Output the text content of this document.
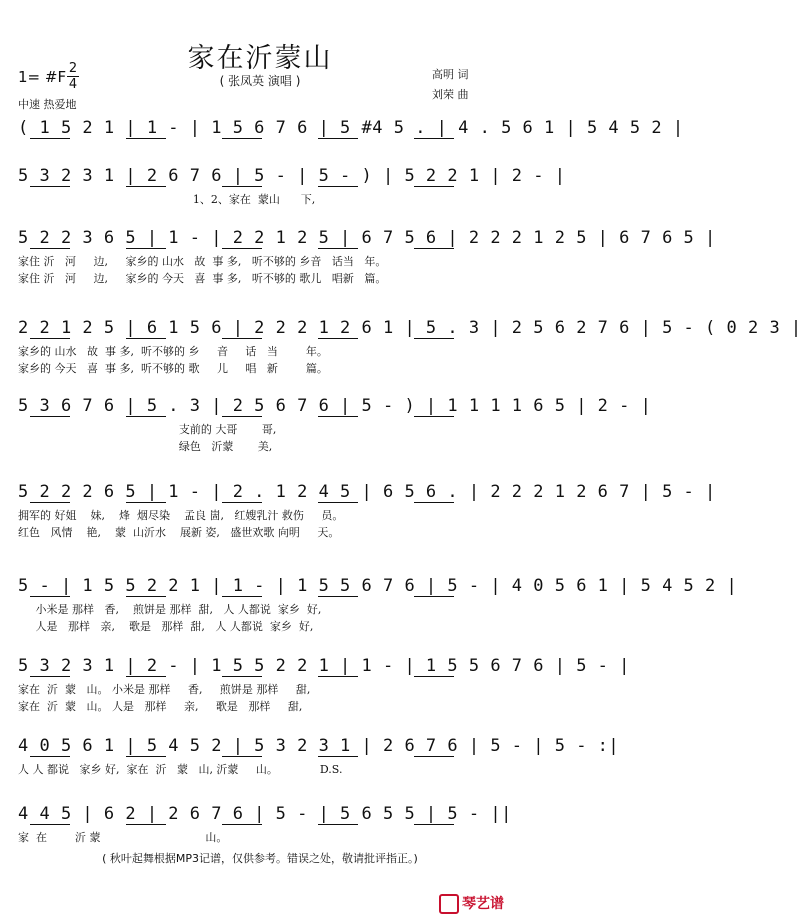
家在沂蒙山
( 张凤英 演唱 )
1= #F 2
4
中速 热爱地
高明 词
刘荣 曲
( 1 5 2 1 | 1 - | 1 5 6 7 6 | 5 #4 5 . | 4 . 5 6 1 | 5 4 5 2 |
5 3 2 3 1 | 2 6 7 6 | 5 - | 5 - ) | 5 2 2 1 | 2 - |
1、2、家在  蒙山      下,
5 2 2 3 6 5 | 1 - | 2 2 1 2 5 | 6 7 5 6 | 2 2 2 1 2 5 | 6 7 6 5 |
家住 沂   河     边,     家乡的 山水   故  事 多,   听不够的 乡音   话当   年。
家住 沂   河     边,     家乡的 今天   喜  事 多,   听不够的 歌儿   唱新   篇。
2 2 1 2 5 | 6 1 5 6 | 2 2 2 1 2 6 1 | 5 . 3 | 2 5 6 2 7 6 | 5 - ( 0 2 3 |
家乡的 山水   故  事 多,  听不够的 乡     音     话   当        年。
家乡的 今天   喜  事 多,  听不够的 歌     儿     唱   新        篇。
5 3 6 7 6 | 5 . 3 | 2 5 6 7 6 | 5 - ) | 1 1 1 1 6 5 | 2 - |
支前的 大哥       哥,
绿色   沂蒙       美,
5 2 2 2 6 5 | 1 - | 2 . 1 2 4 5 | 6 5 6 . | 2 2 2 1 2 6 7 | 5 - |
拥军的 好姐    妹,    烽  烟尽染    孟良 崮,   红嫂乳汁 救伤     员。
红色   风情    艳,    蒙  山沂水    展新 姿,   盛世欢歌 向明     天。
5 - | 1 5 5 2 2 1 | 1 - | 1 5 5 6 7 6 | 5 - | 4 0 5 6 1 | 5 4 5 2 |
小米是 那样   香,    煎饼是 那样  甜,   人 人都说  家乡  好,
人是   那样   亲,    歌是   那样  甜,   人 人都说  家乡  好,
5 3 2 3 1 | 2 - | 1 5 5 2 2 1 | 1 - | 1 5 5 6 7 6 | 5 - |
家在  沂  蒙   山。 小米是 那样     香,     煎饼是 那样     甜,
家在  沂  蒙   山。 人是   那样     亲,     歌是   那样     甜,
4 0 5 6 1 | 5 4 5 2 | 5 3 2 3 1 | 2 6 7 6 | 5 - | 5 - :|
人 人 都说   家乡 好,  家在  沂   蒙   山, 沂蒙     山。            D.S.
4 4 5 | 6 2 | 2 6 7 6 | 5 - | 5 6 5 5 | 5 - ||
家  在        沂 蒙                              山。
( 秋叶起舞根据MP3记谱，仅供参考。错误之处，敬请批评指正。)
琴艺谱
